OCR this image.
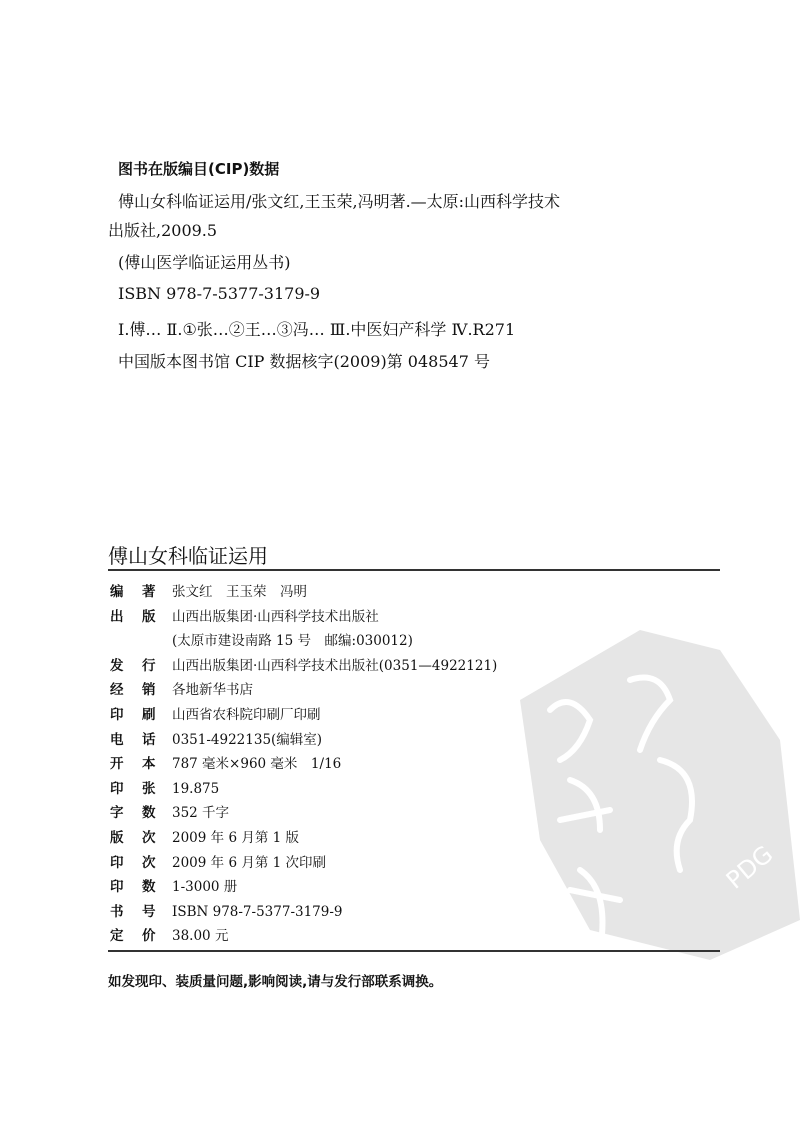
PDG
图书在版编目(CIP)数据
傅山女科临证运用/张文红,王玉荣,冯明著.—太原:山西科学技术
出版社,2009.5
(傅山医学临证运用丛书)
ISBN 978-7-5377-3179-9
Ⅰ.傅… Ⅱ.①张…②王…③冯… Ⅲ.中医妇产科学 Ⅳ.R271
中国版本图书馆 CIP 数据核字(2009)第 048547 号
傅山女科临证运用
编 著 张文红　王玉荣　冯明
出 版 山西出版集团·山西科学技术出版社
(太原市建设南路 15 号　邮编:030012)
发 行 山西出版集团·山西科学技术出版社(0351—4922121)
经 销 各地新华书店
印 刷 山西省农科院印刷厂印刷
电 话 0351-4922135(编辑室)
开 本 787 毫米×960 毫米　1/16
印 张 19.875
字 数 352 千字
版 次 2009 年 6 月第 1 版
印 次 2009 年 6 月第 1 次印刷
印 数 1-3000 册
书 号 ISBN 978-7-5377-3179-9
定 价 38.00 元
如发现印、装质量问题,影响阅读,请与发行部联系调换。
